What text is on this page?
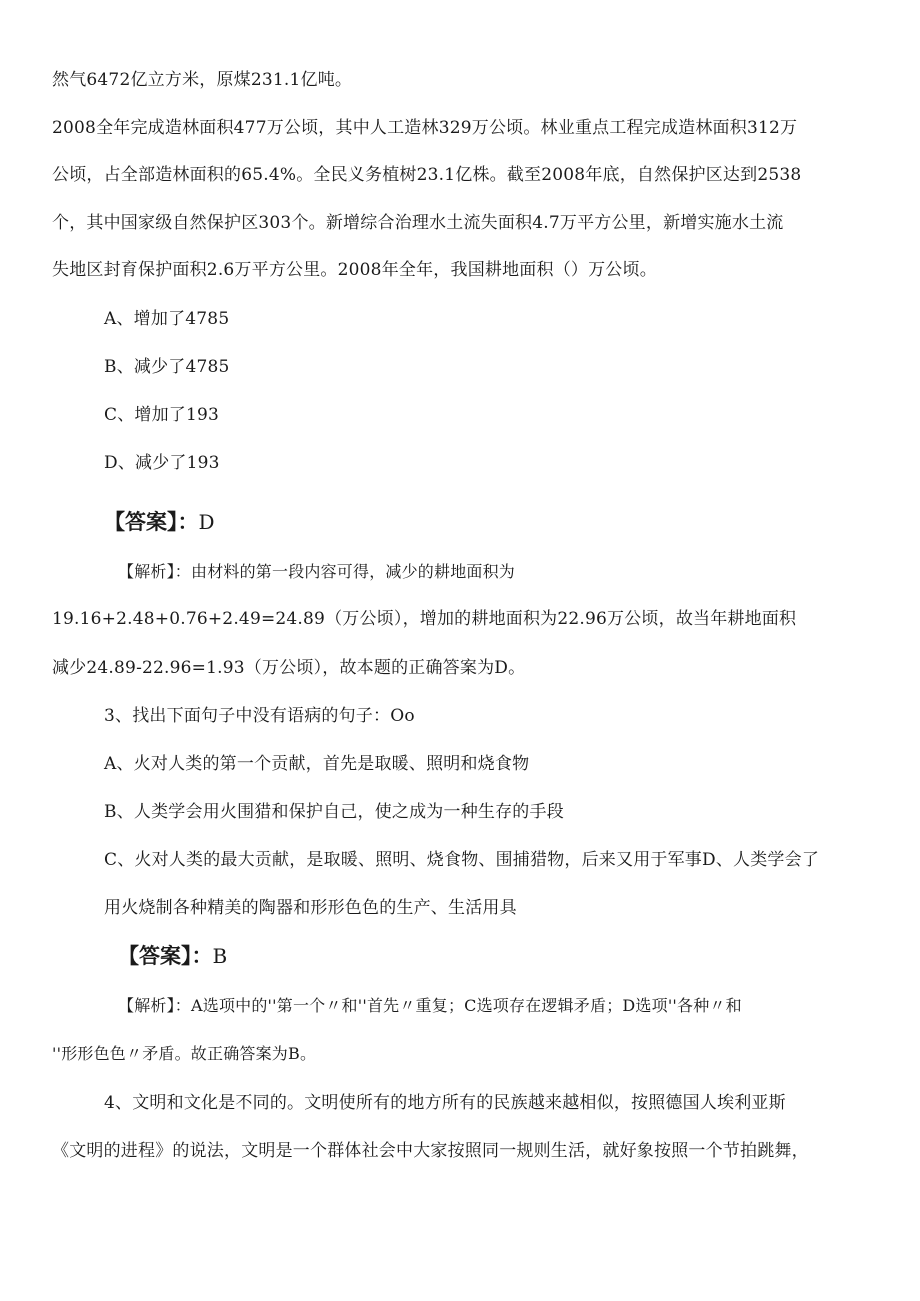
然气6472亿立方米，原煤231.1亿吨。
2008全年完成造林面积477万公顷，其中人工造林329万公顷。林业重点工程完成造林面积312万
公顷，占全部造林面积的65.4%。全民义务植树23.1亿株。截至2008年底，自然保护区达到2538
个，其中国家级自然保护区303个。新增综合治理水土流失面积4.7万平方公里，新增实施水土流
失地区封育保护面积2.6万平方公里。2008年全年，我国耕地面积（）万公顷。
A、增加了4785
B、减少了4785
C、增加了193
D、减少了193
【答案】：D
【解析】：由材料的第一段内容可得，减少的耕地面积为
19.16+2.48+0.76+2.49=24.89（万公顷），增加的耕地面积为22.96万公顷，故当年耕地面积
减少24.89-22.96=1.93（万公顷），故本题的正确答案为D。
3、找出下面句子中没有语病的句子：Oo
A、火对人类的第一个贡献，首先是取暖、照明和烧食物
B、人类学会用火围猎和保护自己，使之成为一种生存的手段
C、火对人类的最大贡献，是取暖、照明、烧食物、围捕猎物，后来又用于军事D、人类学会了
用火烧制各种精美的陶器和形形色色的生产、生活用具
【答案】：B
【解析】：A选项中的''第一个〃和''首先〃重复；C选项存在逻辑矛盾；D选项''各种〃和
''形形色色〃矛盾。故正确答案为B。
4、文明和文化是不同的。文明使所有的地方所有的民族越来越相似，按照德国人埃利亚斯
《文明的进程》的说法，文明是一个群体社会中大家按照同一规则生活，就好象按照一个节拍跳舞，
